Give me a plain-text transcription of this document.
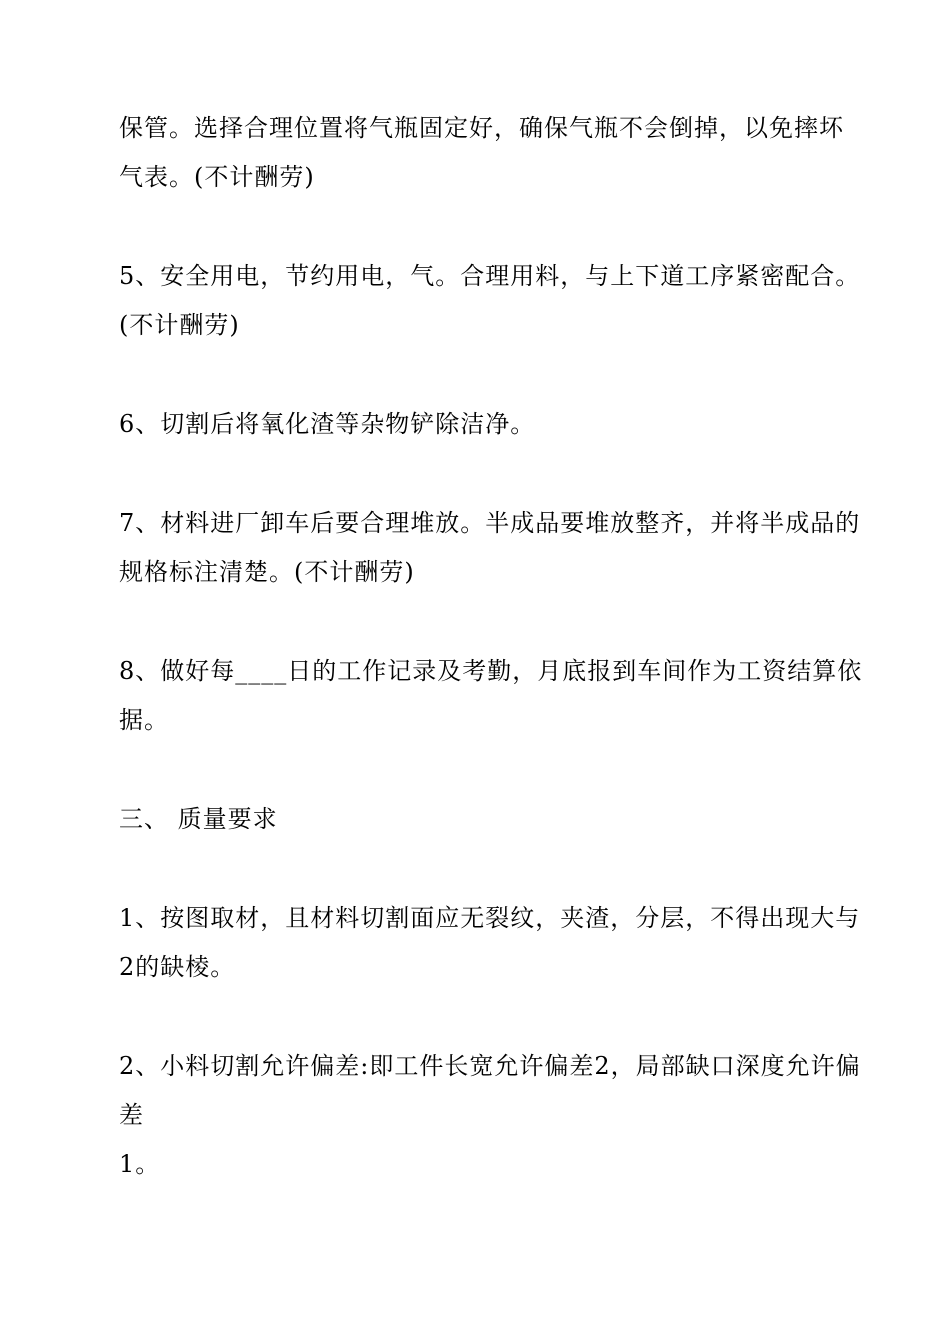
保管。选择合理位置将气瓶固定好，确保气瓶不会倒掉，以免摔坏
气表。(不计酬劳)
5、安全用电，节约用电，气。合理用料，与上下道工序紧密配合。
(不计酬劳)
6、切割后将氧化渣等杂物铲除洁净。
7、材料进厂卸车后要合理堆放。半成品要堆放整齐，并将半成品的
规格标注清楚。(不计酬劳)
8、做好每____日的工作记录及考勤，月底报到车间作为工资结算依
据。
三、 质量要求
1、按图取材，且材料切割面应无裂纹，夹渣，分层，不得出现大与
2的缺棱。
2、小料切割允许偏差:即工件长宽允许偏差2，局部缺口深度允许偏
差
1。
